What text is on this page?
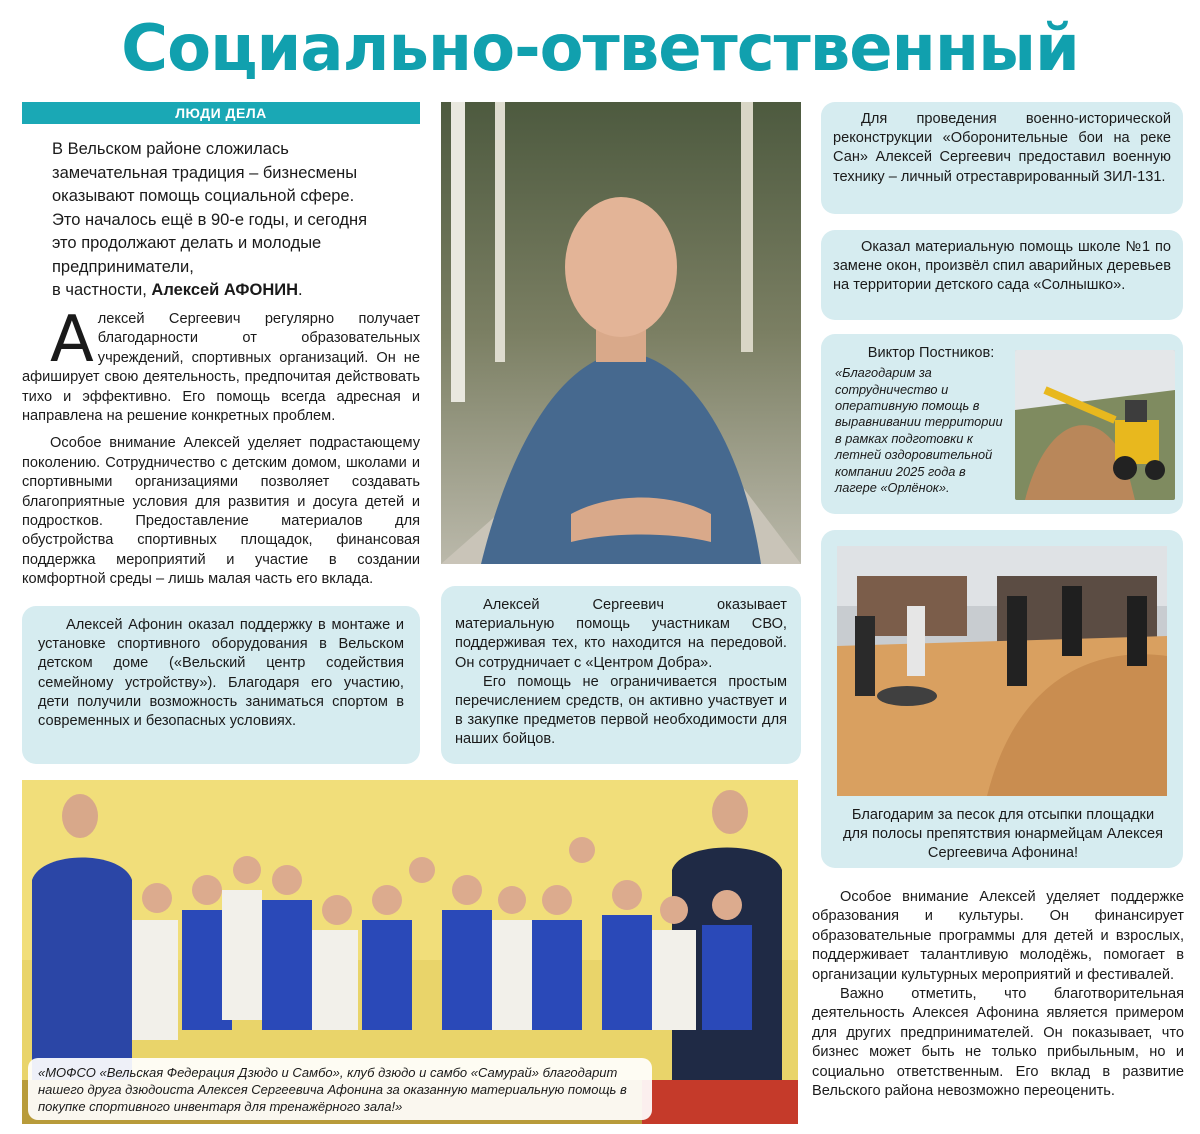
Социально-ответственный
ЛЮДИ ДЕЛА
В Вельском районе сложилась
замечательная традиция – бизнесмены
оказывают помощь социальной сфере.
Это началось ещё в 90-е годы, и сегодня
это продолжают делать и молодые
предприниматели,
в частности, Алексей АФОНИН.

Алексей Сергеевич регулярно получает благодарности от образовательных учреждений, спортивных организаций. Он не афиширует свою деятельность, предпочитая действовать тихо и эффективно. Его помощь всегда адресная и направлена на решение конкретных проблем.

Особое внимание Алексей уделяет подрастающему поколению. Сотрудничество с детским домом, школами и спортивными организациями позволяет создавать благоприятные условия для развития и досуга детей и подростков. Предоставление материалов для обустройства спортивных площадок, финансовая поддержка мероприятий и участие в создании комфортной среды – лишь малая часть его вклада.

Алексей Афонин оказал поддержку в монтаже и установке спортивного оборудования в Вельском детском доме («Вельский центр содействия семейному устройству»). Благодаря его участию, дети получили возможность заниматься спортом в современных и безопасных условиях.

Алексей Сергеевич оказывает материальную помощь участникам СВО, поддерживая тех, кто находится на передовой. Он сотрудничает с «Центром Добра».

Его помощь не ограничивается простым перечислением средств, он активно участвует и в закупке предметов первой необходимости для наших бойцов.

Для проведения военно-исторической реконструкции «Оборонительные бои на реке Сан» Алексей Сергеевич предоставил военную технику – личный отреставрированный ЗИЛ-131.

Оказал материальную помощь школе №1 по замене окон, произвёл спил аварийных деревьев на территории детского сада «Солнышко».

Виктор Постников:
«Благодарим за сотрудничество и оперативную помощь в выравнивании территории в рамках подготовки к летней оздоровительной компании 2025 года в лагере «Орлёнок».
Благодарим за песок для отсыпки площадки для полосы препятствия юнармейцам Алексея Сергеевича Афонина!

Особое внимание Алексей уделяет поддержке образования и культуры. Он финансирует образовательные программы для детей и взрослых, поддерживает талантливую молодёжь, помогает в организации культурных мероприятий и фестивалей.

Важно отметить, что благотворительная деятельность Алексея Афонина является примером для других предпринимателей. Он показывает, что бизнес может быть не только прибыльным, но и социально ответственным. Его вклад в развитие Вельского района невозможно переоценить.

«МОФСО «Вельская Федерация Дзюдо и Самбо», клуб дзюдо и самбо «Самурай» благодарит нашего друга дзюдоиста Алексея Сергеевича Афонина за оказанную материальную помощь в покупке спортивного инвентаря для тренажёрного зала!»
